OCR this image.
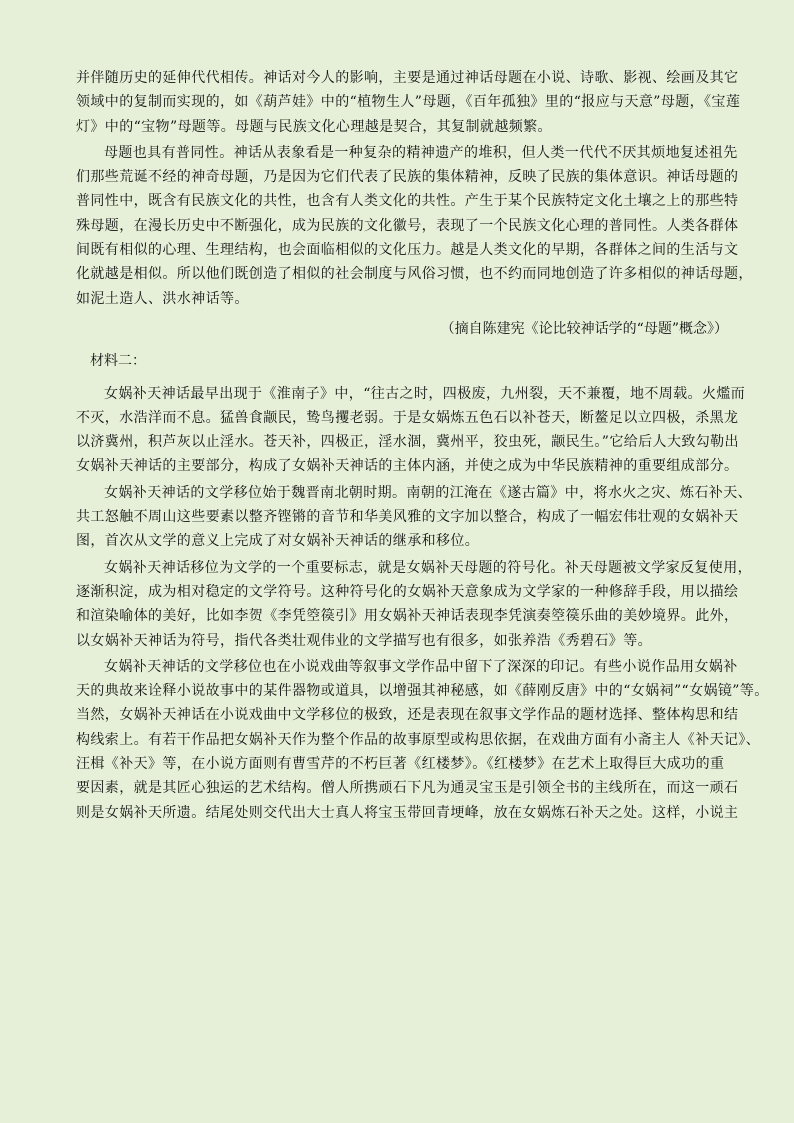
并伴随历史的延伸代代相传。神话对今人的影响，主要是通过神话母题在小说、诗歌、影视、绘画及其它
领域中的复制而实现的，如《葫芦娃》中的“植物生人”母题，《百年孤独》里的“报应与天意”母题，《宝莲
灯》中的“宝物”母题等。母题与民族文化心理越是契合，其复制就越频繁。
母题也具有普同性。神话从表象看是一种复杂的精神遗产的堆积，但人类一代代不厌其烦地复述祖先
们那些荒诞不经的神奇母题，乃是因为它们代表了民族的集体精神，反映了民族的集体意识。神话母题的
普同性中，既含有民族文化的共性，也含有人类文化的共性。产生于某个民族特定文化土壤之上的那些特
殊母题，在漫长历史中不断强化，成为民族的文化徽号，表现了一个民族文化心理的普同性。人类各群体
间既有相似的心理、生理结构，也会面临相似的文化压力。越是人类文化的早期，各群体之间的生活与文
化就越是相似。所以他们既创造了相似的社会制度与风俗习惯，也不约而同地创造了许多相似的神话母题，
如泥土造人、洪水神话等。
（摘自陈建宪《论比较神话学的“母题”概念》）
材料二：
女娲补天神话最早出现于《淮南子》中，“往古之时，四极废，九州裂，天不兼覆，地不周载。火爁而
不灭，水浩洋而不息。猛兽食颛民，鸷鸟攫老弱。于是女娲炼五色石以补苍天，断鳌足以立四极，杀黑龙
以济冀州，积芦灰以止淫水。苍天补，四极正，淫水涸，冀州平，狡虫死，颛民生。”它给后人大致勾勒出
女娲补天神话的主要部分，构成了女娲补天神话的主体内涵，并使之成为中华民族精神的重要组成部分。
女娲补天神话的文学移位始于魏晋南北朝时期。南朝的江淹在《遂古篇》中，将水火之灾、炼石补天、
共工怒触不周山这些要素以整齐铿锵的音节和华美风雅的文字加以整合，构成了一幅宏伟壮观的女娲补天
图，首次从文学的意义上完成了对女娲补天神话的继承和移位。
女娲补天神话移位为文学的一个重要标志，就是女娲补天母题的符号化。补天母题被文学家反复使用，
逐渐积淀，成为相对稳定的文学符号。这种符号化的女娲补天意象成为文学家的一种修辞手段，用以描绘
和渲染喻体的美好，比如李贺《李凭箜篌引》用女娲补天神话表现李凭演奏箜篌乐曲的美妙境界。此外，
以女娲补天神话为符号，指代各类壮观伟业的文学描写也有很多，如张养浩《秀碧石》等。
女娲补天神话的文学移位也在小说戏曲等叙事文学作品中留下了深深的印记。有些小说作品用女娲补
天的典故来诠释小说故事中的某件器物或道具，以增强其神秘感，如《薛刚反唐》中的“女娲祠”“女娲镜”等。
当然，女娲补天神话在小说戏曲中文学移位的极致，还是表现在叙事文学作品的题材选择、整体构思和结
构线索上。有若干作品把女娲补天作为整个作品的故事原型或构思依据，在戏曲方面有小斋主人《补天记》、
汪楫《补天》等，在小说方面则有曹雪芹的不朽巨著《红楼梦》。《红楼梦》在艺术上取得巨大成功的重
要因素，就是其匠心独运的艺术结构。僧人所携顽石下凡为通灵宝玉是引领全书的主线所在，而这一顽石
则是女娲补天所遗。结尾处则交代出大士真人将宝玉带回青埂峰，放在女娲炼石补天之处。这样，小说主
